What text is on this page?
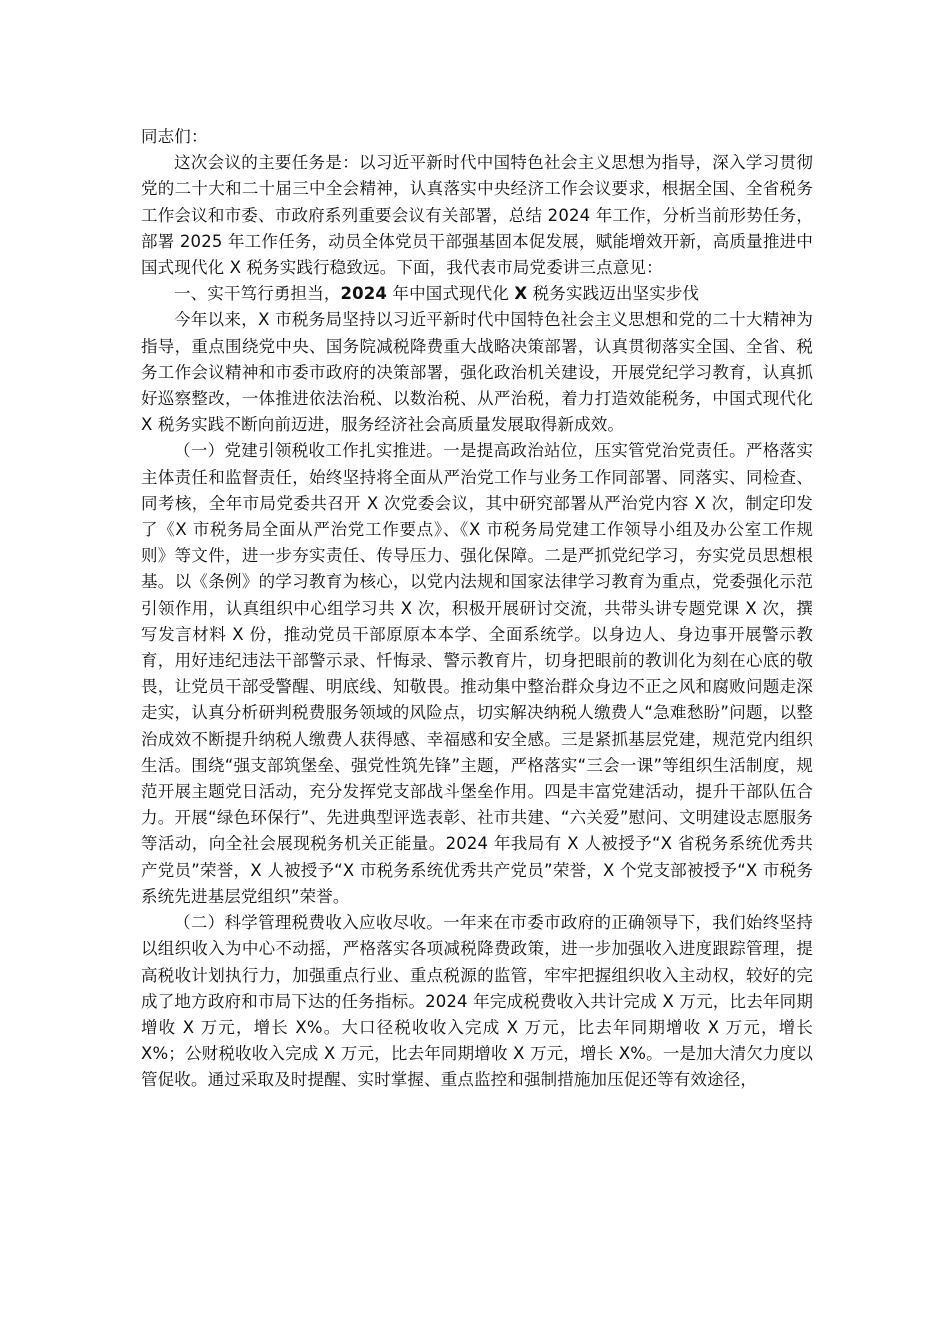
同志们：

这次会议的主要任务是：以习近平新时代中国特色社会主义思想为指导，深入学习贯彻党的二十大和二十届三中全会精神，认真落实中央经济工作会议要求，根据全国、全省税务工作会议和市委、市政府系列重要会议有关部署，总结 2024 年工作，分析当前形势任务，部署 2025 年工作任务，动员全体党员干部强基固本促发展，赋能增效开新，高质量推进中国式现代化 X 税务实践行稳致远。下面，我代表市局党委讲三点意见：

一、实干笃行勇担当，2024 年中国式现代化 X 税务实践迈出坚实步伐

今年以来，X 市税务局坚持以习近平新时代中国特色社会主义思想和党的二十大精神为指导，重点围绕党中央、国务院减税降费重大战略决策部署，认真贯彻落实全国、全省、税务工作会议精神和市委市政府的决策部署，强化政治机关建设，开展党纪学习教育，认真抓好巡察整改，一体推进依法治税、以数治税、从严治税，着力打造效能税务，中国式现代化 X 税务实践不断向前迈进，服务经济社会高质量发展取得新成效。

（一）党建引领税收工作扎实推进。一是提高政治站位，压实管党治党责任。严格落实主体责任和监督责任，始终坚持将全面从严治党工作与业务工作同部署、同落实、同检查、同考核，全年市局党委共召开 X 次党委会议，其中研究部署从严治党内容 X 次，制定印发了《X 市税务局全面从严治党工作要点》、《X 市税务局党建工作领导小组及办公室工作规则》等文件，进一步夯实责任、传导压力、强化保障。二是严抓党纪学习，夯实党员思想根基。以《条例》的学习教育为核心，以党内法规和国家法律学习教育为重点，党委强化示范引领作用，认真组织中心组学习共 X 次，积极开展研讨交流，共带头讲专题党课 X 次，撰写发言材料 X 份，推动党员干部原原本本学、全面系统学。以身边人、身边事开展警示教育，用好违纪违法干部警示录、忏悔录、警示教育片，切身把眼前的教训化为刻在心底的敬畏，让党员干部受警醒、明底线、知敬畏。推动集中整治群众身边不正之风和腐败问题走深走实，认真分析研判税费服务领域的风险点，切实解决纳税人缴费人“急难愁盼”问题，以整治成效不断提升纳税人缴费人获得感、幸福感和安全感。三是紧抓基层党建，规范党内组织生活。围绕“强支部筑堡垒、强党性筑先锋”主题，严格落实“三会一课”等组织生活制度，规范开展主题党日活动，充分发挥党支部战斗堡垒作用。四是丰富党建活动，提升干部队伍合力。开展“绿色环保行”、先进典型评选表彰、社市共建、“六关爱”慰问、文明建设志愿服务等活动，向全社会展现税务机关正能量。2024 年我局有 X 人被授予“X 省税务系统优秀共产党员”荣誉，X 人被授予“X 市税务系统优秀共产党员”荣誉，X 个党支部被授予“X 市税务系统先进基层党组织”荣誉。

（二）科学管理税费收入应收尽收。一年来在市委市政府的正确领导下，我们始终坚持以组织收入为中心不动摇，严格落实各项减税降费政策，进一步加强收入进度跟踪管理，提高税收计划执行力，加强重点行业、重点税源的监管，牢牢把握组织收入主动权，较好的完成了地方政府和市局下达的任务指标。2024 年完成税费收入共计完成 X 万元，比去年同期增收 X 万元，增长 X%。大口径税收收入完成 X 万元，比去年同期增收 X 万元，增长 X%；公财税收收入完成 X 万元，比去年同期增收 X 万元，增长 X%。一是加大清欠力度以管促收。通过采取及时提醒、实时掌握、重点监控和强制措施加压促还等有效途径，
